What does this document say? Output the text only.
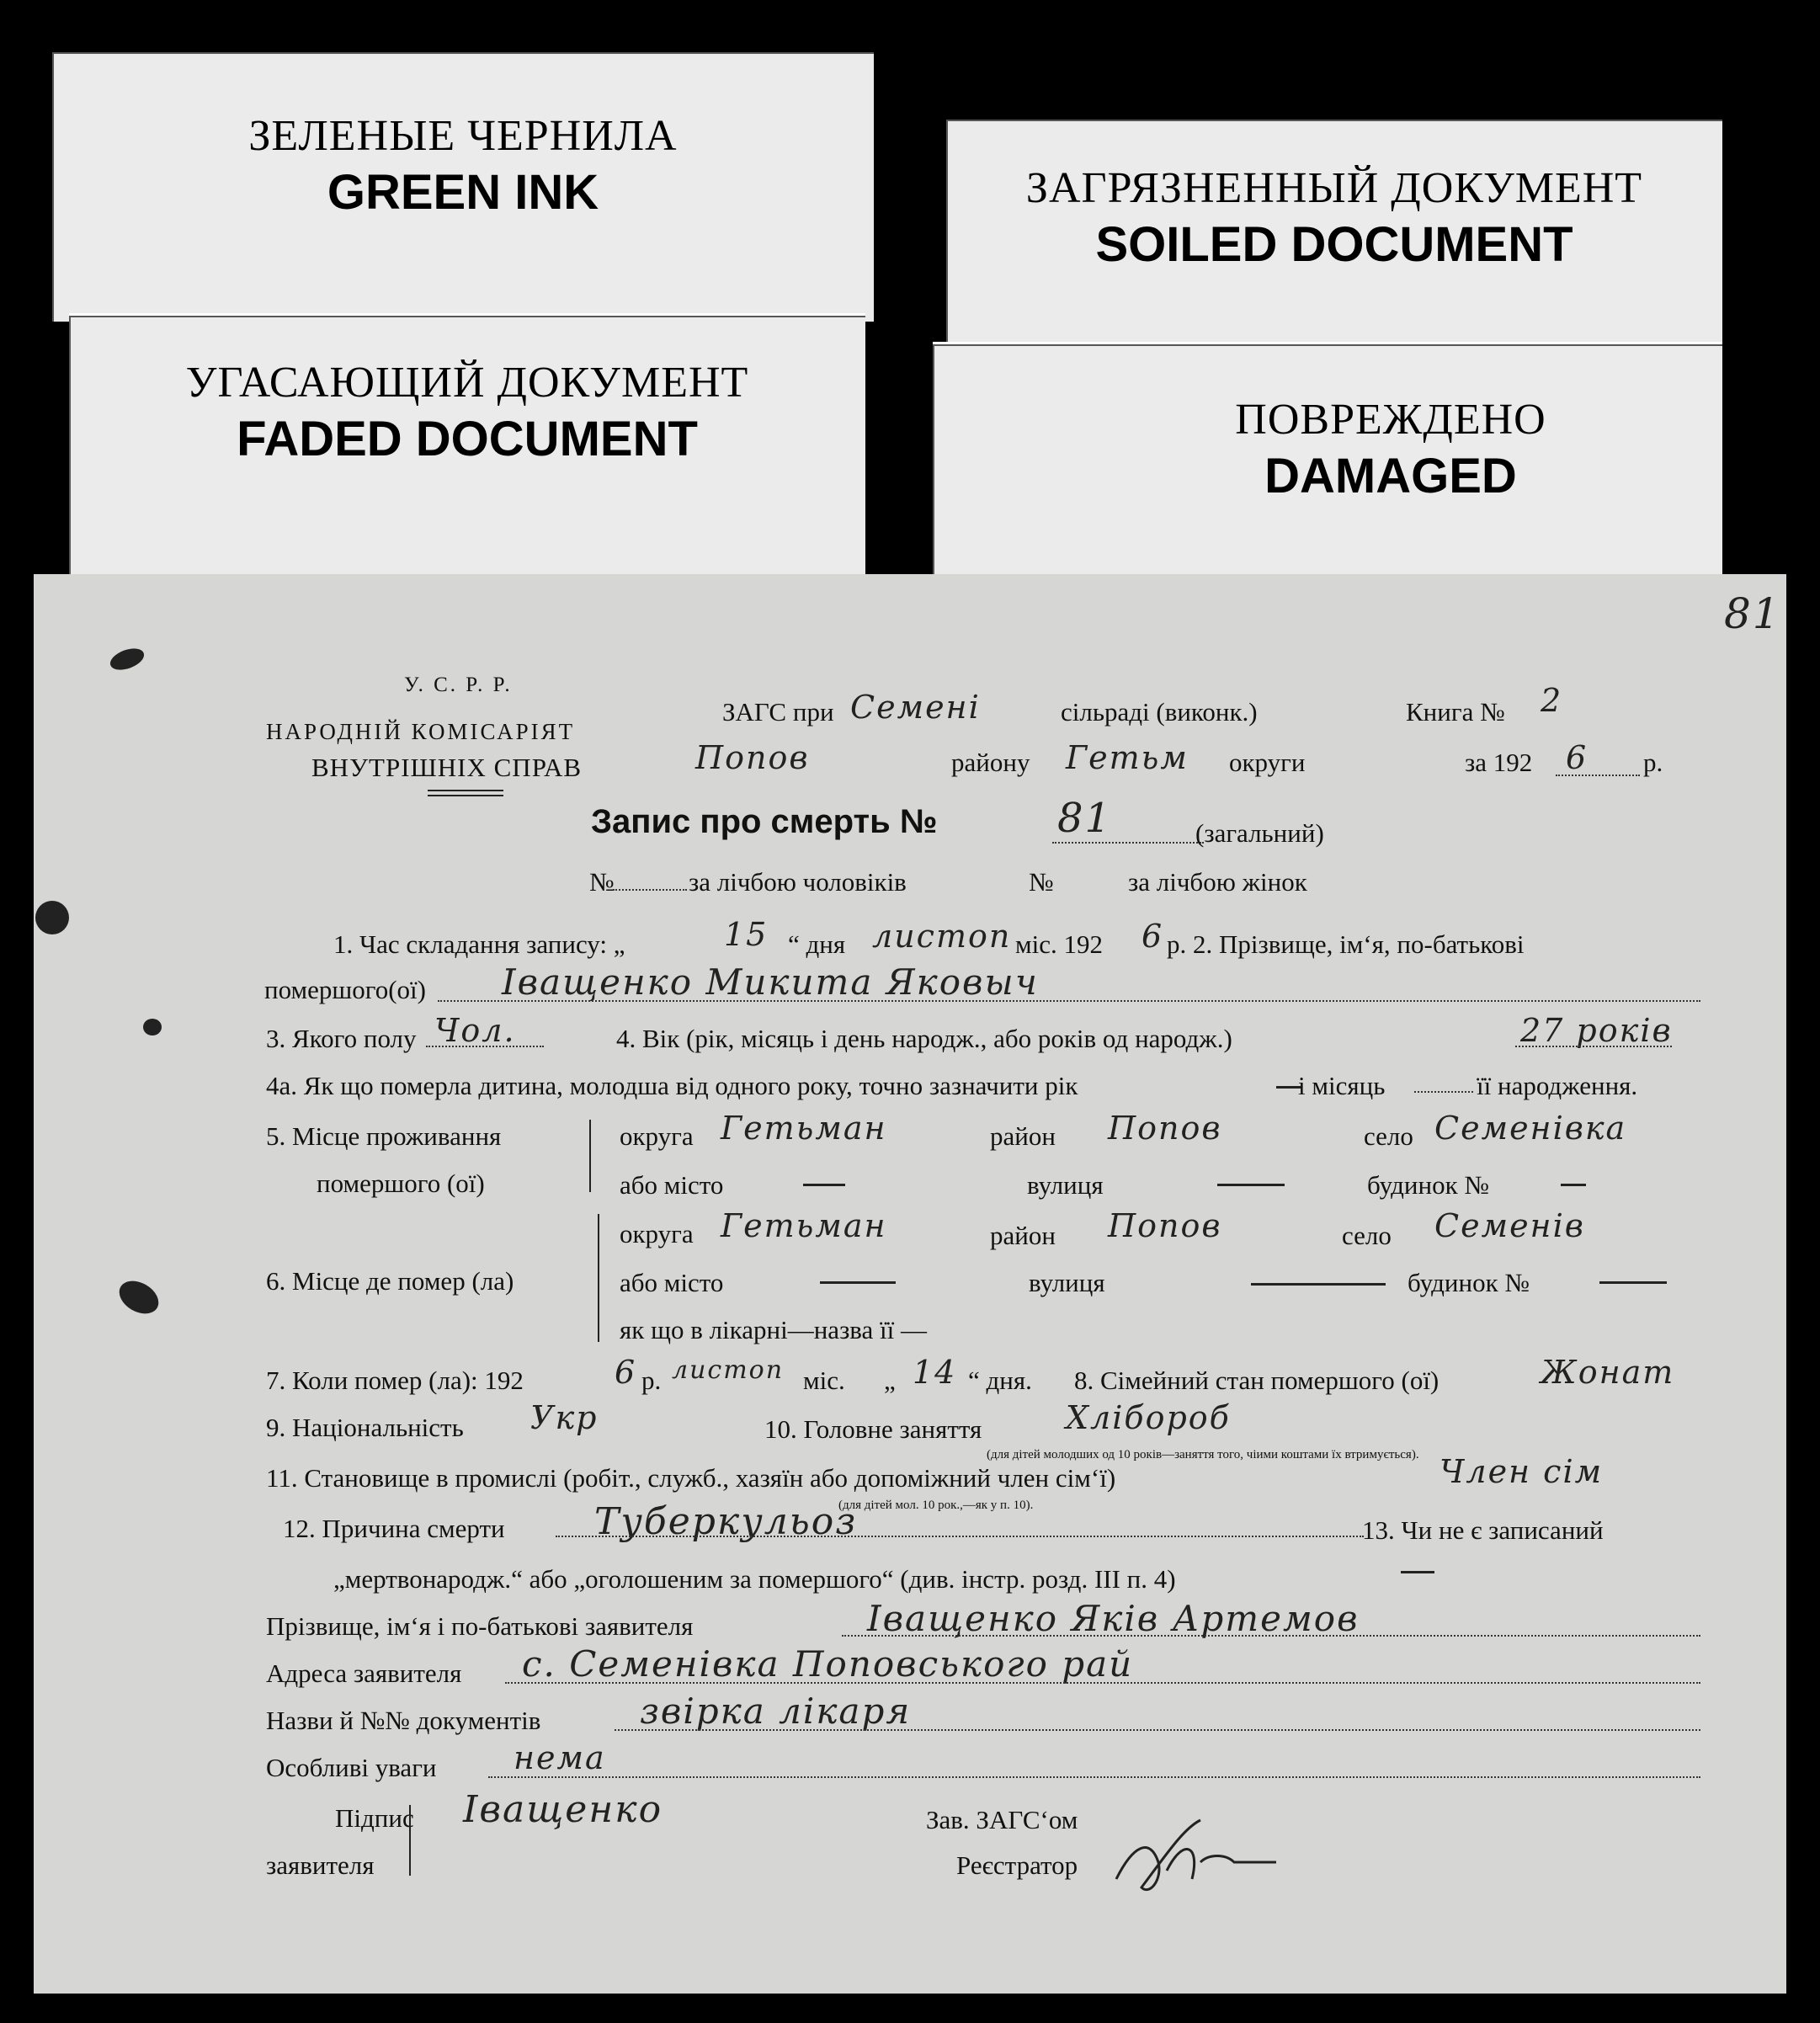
ЗЕЛЕНЫЕ ЧЕРНИЛА
GREEN INK
УГАСАЮЩИЙ ДОКУМЕНТ
FADED DOCUMENT
ЗАГРЯЗНЕННЫЙ ДОКУМЕНТ
SOILED DOCUMENT
ПОВРЕЖДЕНО
DAMAGED
81
У. С. Р. Р.
НАРОДНІЙ КОМІСАРІЯТ
ВНУТРІШНІХ СПРАВ
ЗАГС при Семені	сільраді (виконк.)	Книга № 2
Попов	району Гетьм округи	за 192 6 р.
Запис про смерть №	81	(загальний)
№	за лічбою чоловіків	№	за лічбою жінок
1. Час складання запису: „	15 “ дня листоп міс. 192 6 р. 2. Прізвище, ім‘я, по-батькові
помершого(ої) Іващенко Микита Яковыч
3. Якого полу Чол.	4. Вік (рік, місяць і день народж., або років од народж.)	27 років
4а. Як що померла дитина, молодша від одного року, точно зазначити рік	і місяць	її народження.
5. Місце проживання
помершого (ої)
округа Гетьман	район Попов	село Семенівка
або місто	вулиця	будинок №
6. Місце де помер (ла)
округа Гетьман	район Попов	село Семенів
або місто	вулиця	будинок №
як що в лікарні—назва її —
7. Коли помер (ла): 192	6 р. листоп міс. „ 14 “ дня. 8. Сімейний стан помершого (ої)	Жонат
9. Національність Укр	10. Головне заняття	Хлібороб
(для дітей молодших од 10 років—заняття того, чіими коштами їх втримується).
11. Становище в промислі (робіт., служб., хазяїн або допоміжний член сім‘ї)	Член сім
(для дітей мол. 10 рок.,—як у п. 10).
12. Причина смерти Туберкульоз	13. Чи не є записаний
„мертвонародж.“ або „оголошеним за помершого“ (див. інстр. розд. III п. 4)
Прізвище, ім‘я і по-батькові заявителя	Іващенко Яків Артемов
Адреса заявителя с. Семенівка Поповського рай
Назви й №№ документів	звірка лікаря
Особливі уваги нема
Підпис
заявителя
Іващенко	Зав. ЗАГС‘ом
Реєстратор
